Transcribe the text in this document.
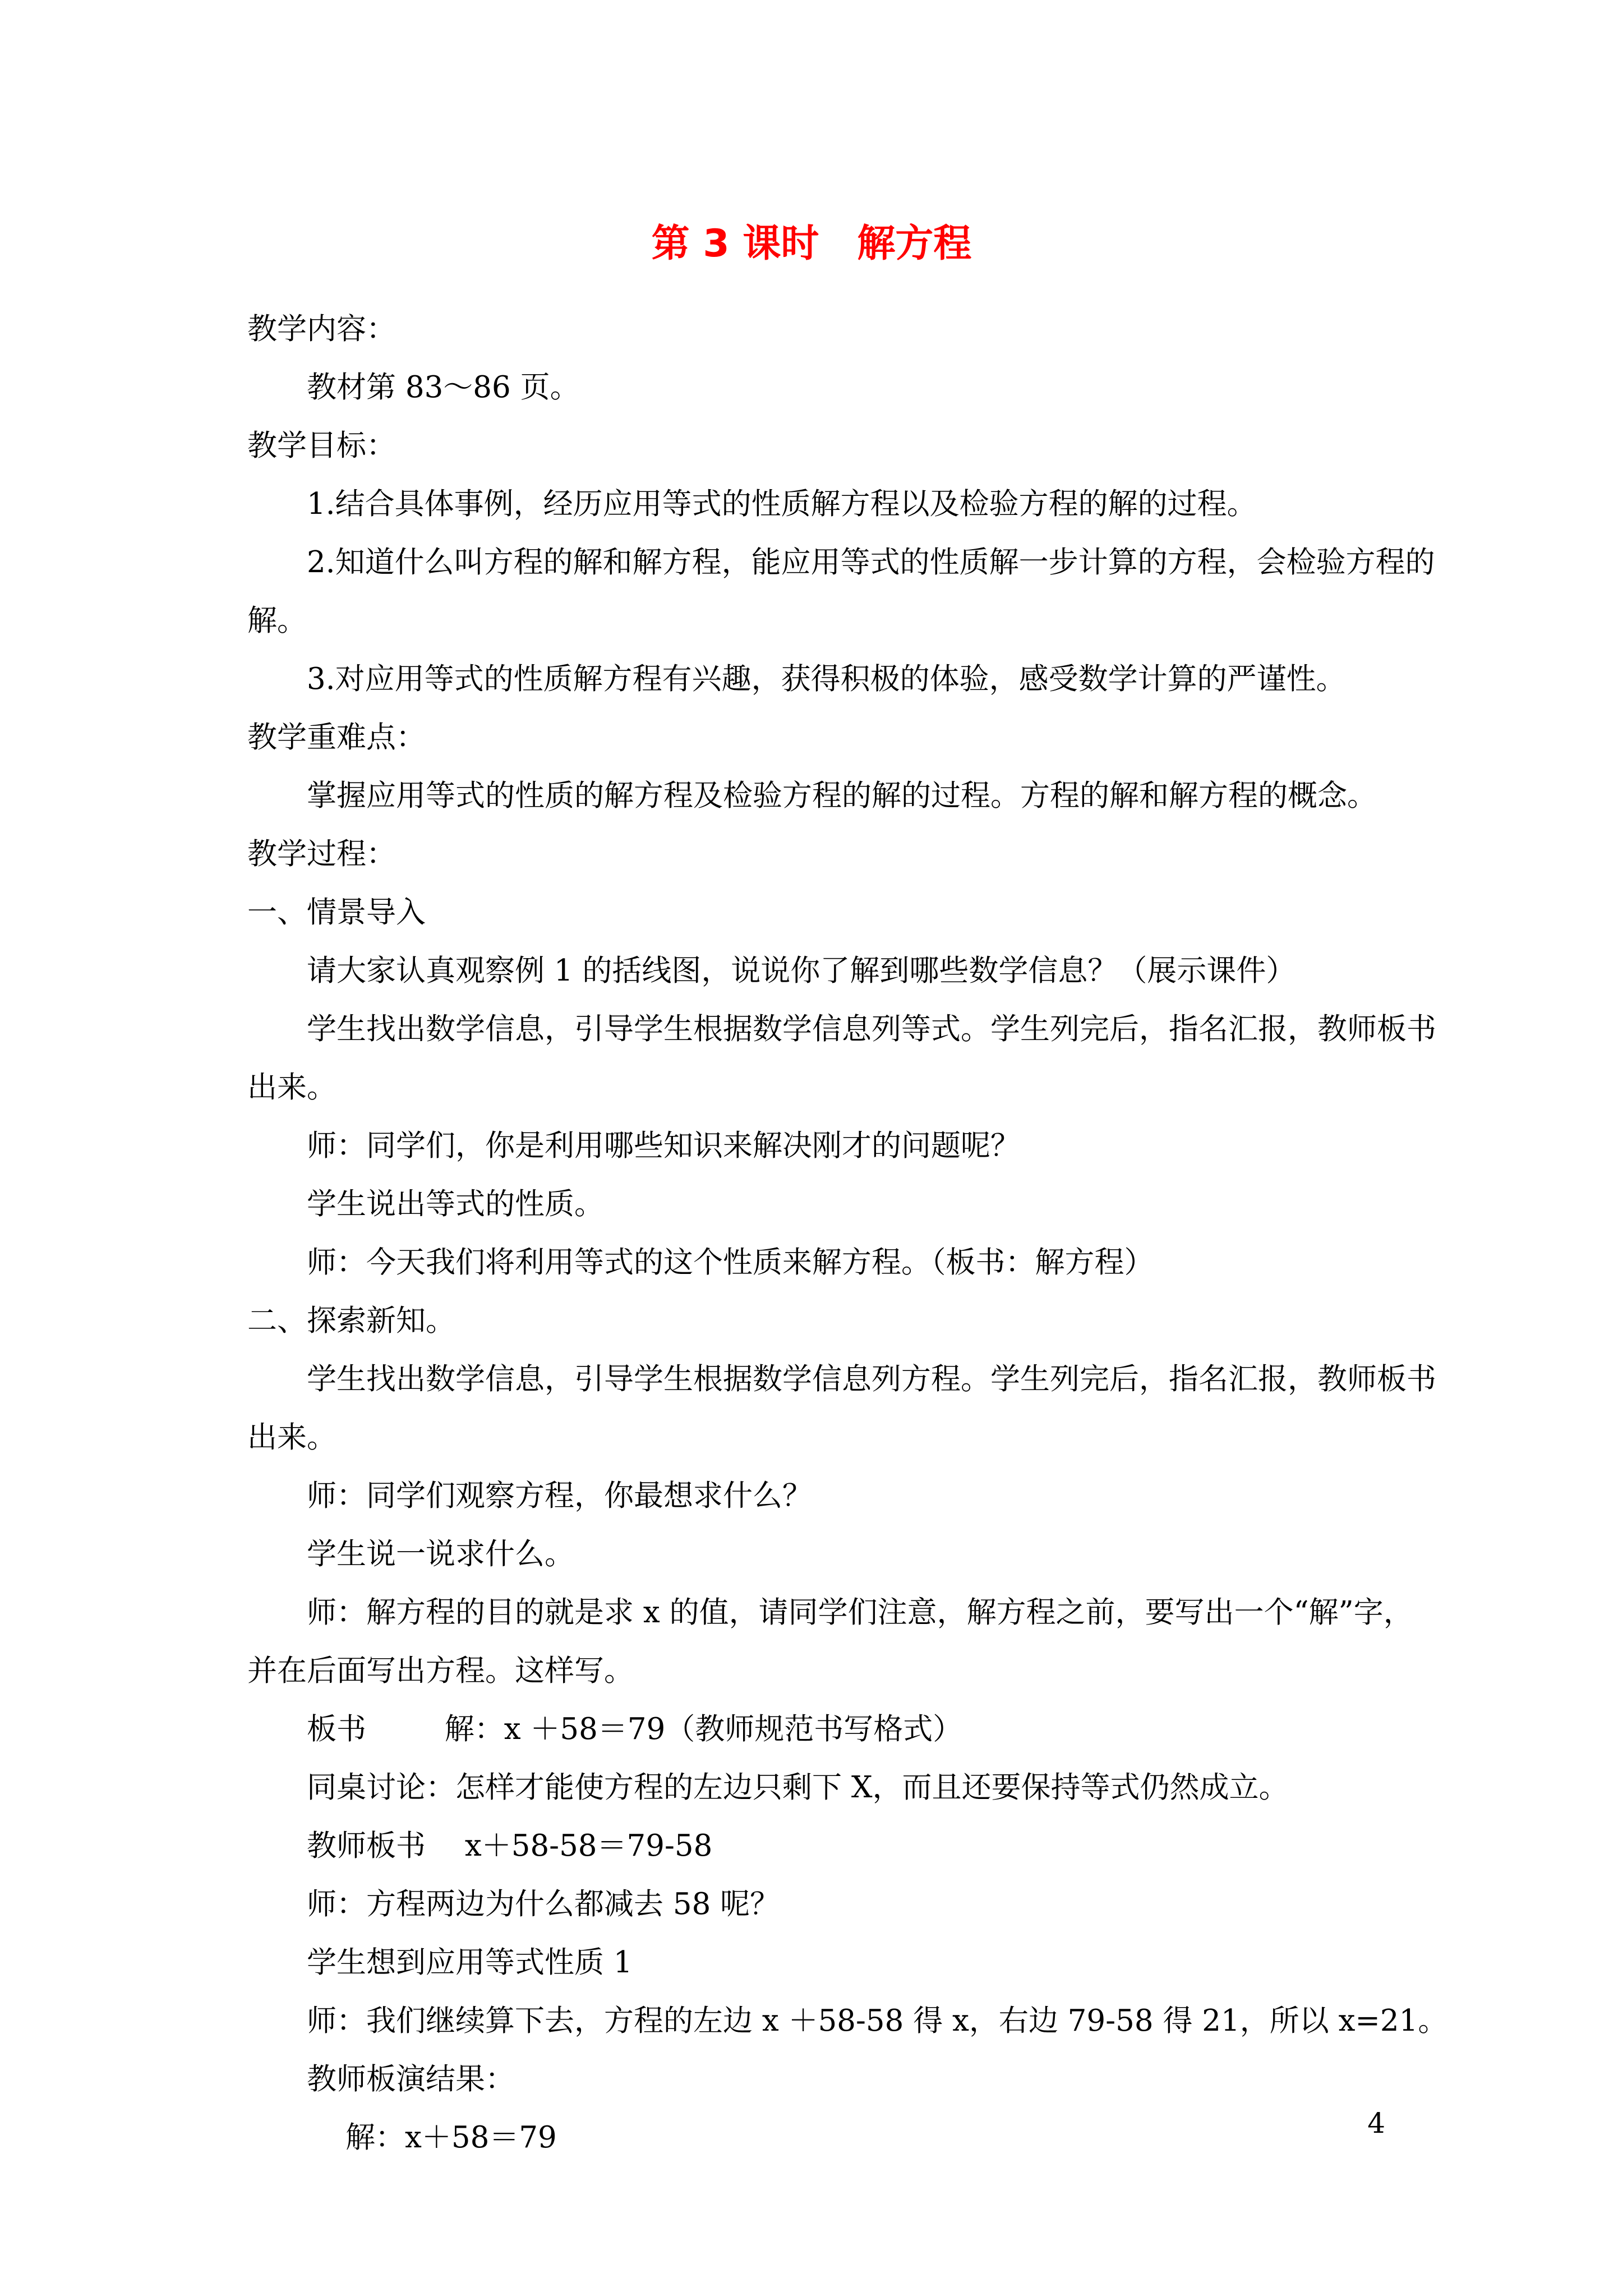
第 3 课时　解方程

教学内容：

教材第 83～86 页。

教学目标：

1.结合具体事例，经历应用等式的性质解方程以及检验方程的解的过程。

2.知道什么叫方程的解和解方程，能应用等式的性质解一步计算的方程，会检验方程的

解。

3.对应用等式的性质解方程有兴趣，获得积极的体验，感受数学计算的严谨性。

教学重难点：

掌握应用等式的性质的解方程及检验方程的解的过程。方程的解和解方程的概念。

教学过程：

一、情景导入

请大家认真观察例 1 的括线图，说说你了解到哪些数学信息？（展示课件）

学生找出数学信息，引导学生根据数学信息列等式。学生列完后，指名汇报，教师板书

出来。

师：同学们，你是利用哪些知识来解决刚才的问题呢？

学生说出等式的性质。

师：今天我们将利用等式的这个性质来解方程。（板书：解方程）

二、探索新知。

学生找出数学信息，引导学生根据数学信息列方程。学生列完后，指名汇报，教师板书

出来。

师：同学们观察方程，你最想求什么？

学生说一说求什么。

师：解方程的目的就是求 x 的值，请同学们注意，解方程之前，要写出一个“解”字，

并在后面写出方程。这样写。

板书　　  解：x ＋58＝79（教师规范书写格式）

同桌讨论：怎样才能使方程的左边只剩下 X，而且还要保持等式仍然成立。

教师板书　 x＋58-58＝79-58

师：方程两边为什么都减去 58 呢？

学生想到应用等式性质 1

师：我们继续算下去，方程的左边 x ＋58-58 得 x，右边 79-58 得 21，所以 x=21。

教师板演结果：

解：x＋58＝79	4
